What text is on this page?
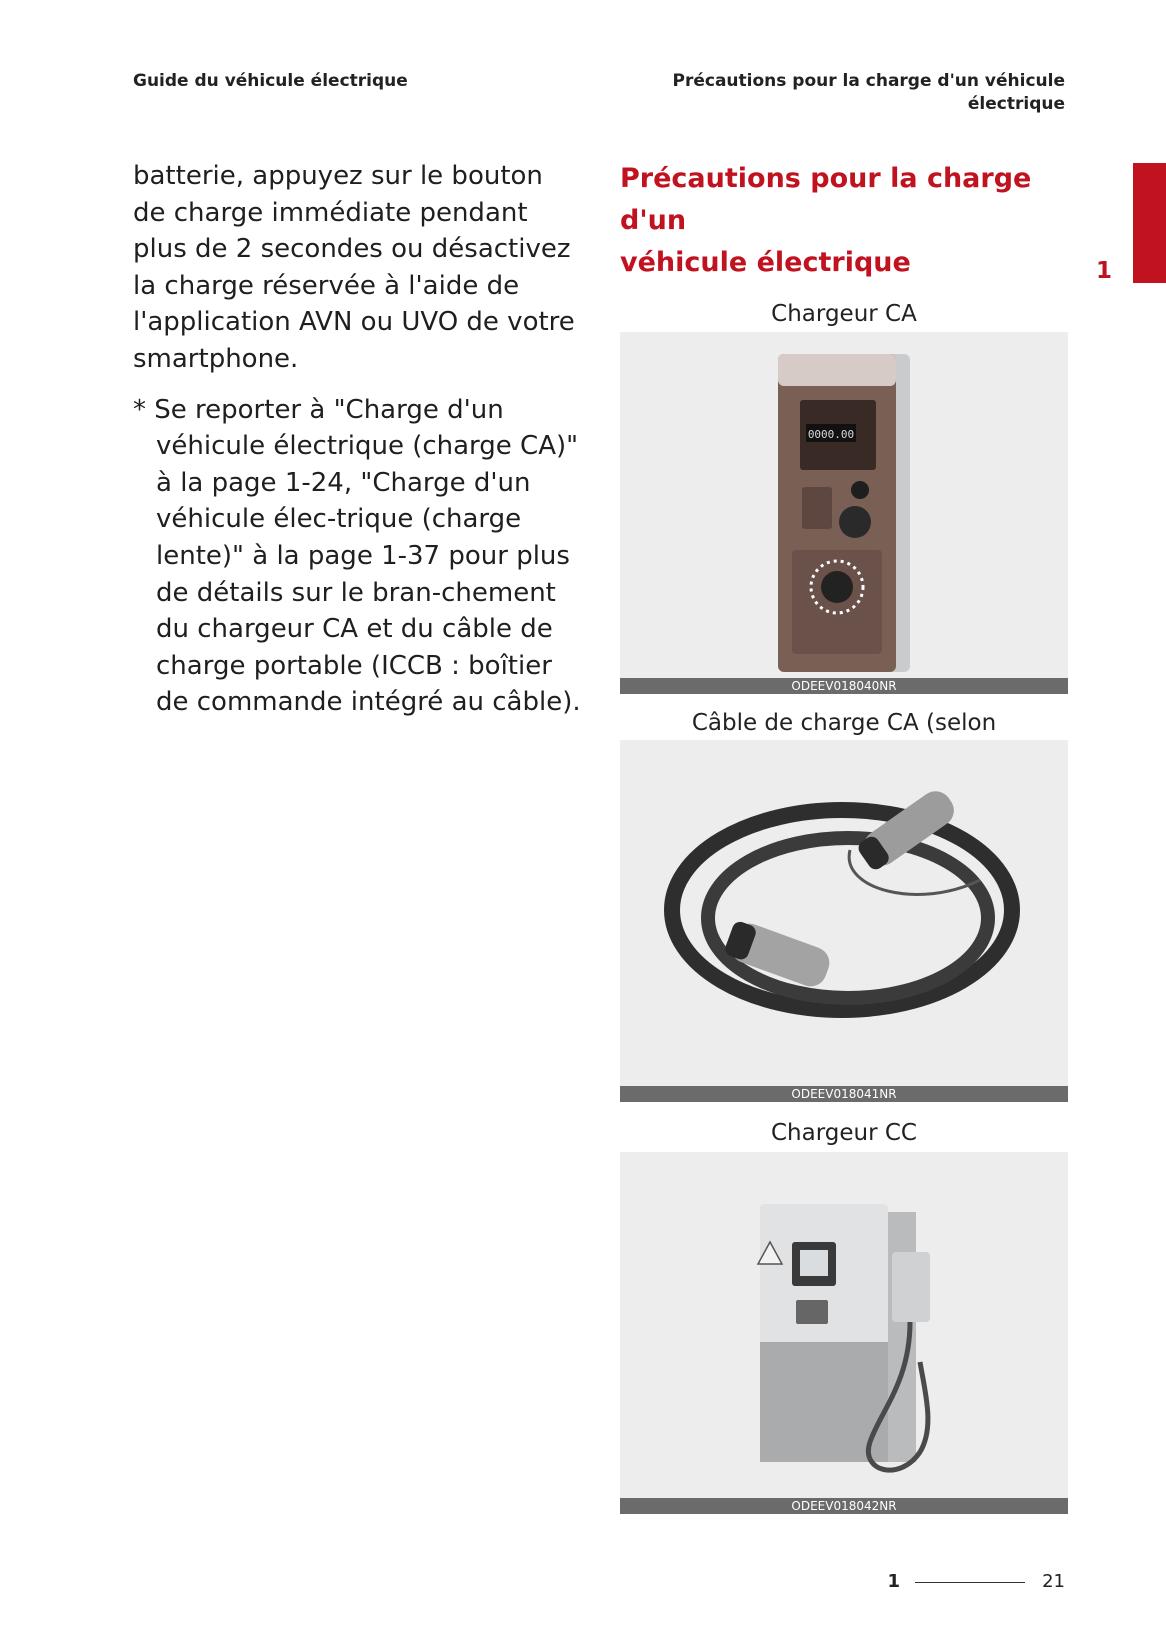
Guide du véhicule électrique	Précautions pour la charge d'un véhicule
électrique
1

batterie, appuyez sur le bouton de charge immédiate pendant plus de 2 secondes ou désactivez la charge réservée à l'aide de l'application AVN ou UVO de votre smartphone.

* Se reporter à "Charge d'un véhicule électrique (charge CA)" à la page 1-24, "Charge d'un véhicule élec-trique (charge lente)" à la page 1-37 pour plus de détails sur le bran-chement du chargeur CA et du câble de charge portable (ICCB : boîtier de commande intégré au câble).

Précautions pour la charge d'un
véhicule électrique
Chargeur CA
0000.00
ODEEV018040NR
Câble de charge CA (selon
ODEEV018041NR
Chargeur CC
ODEEV018042NR
1	21
